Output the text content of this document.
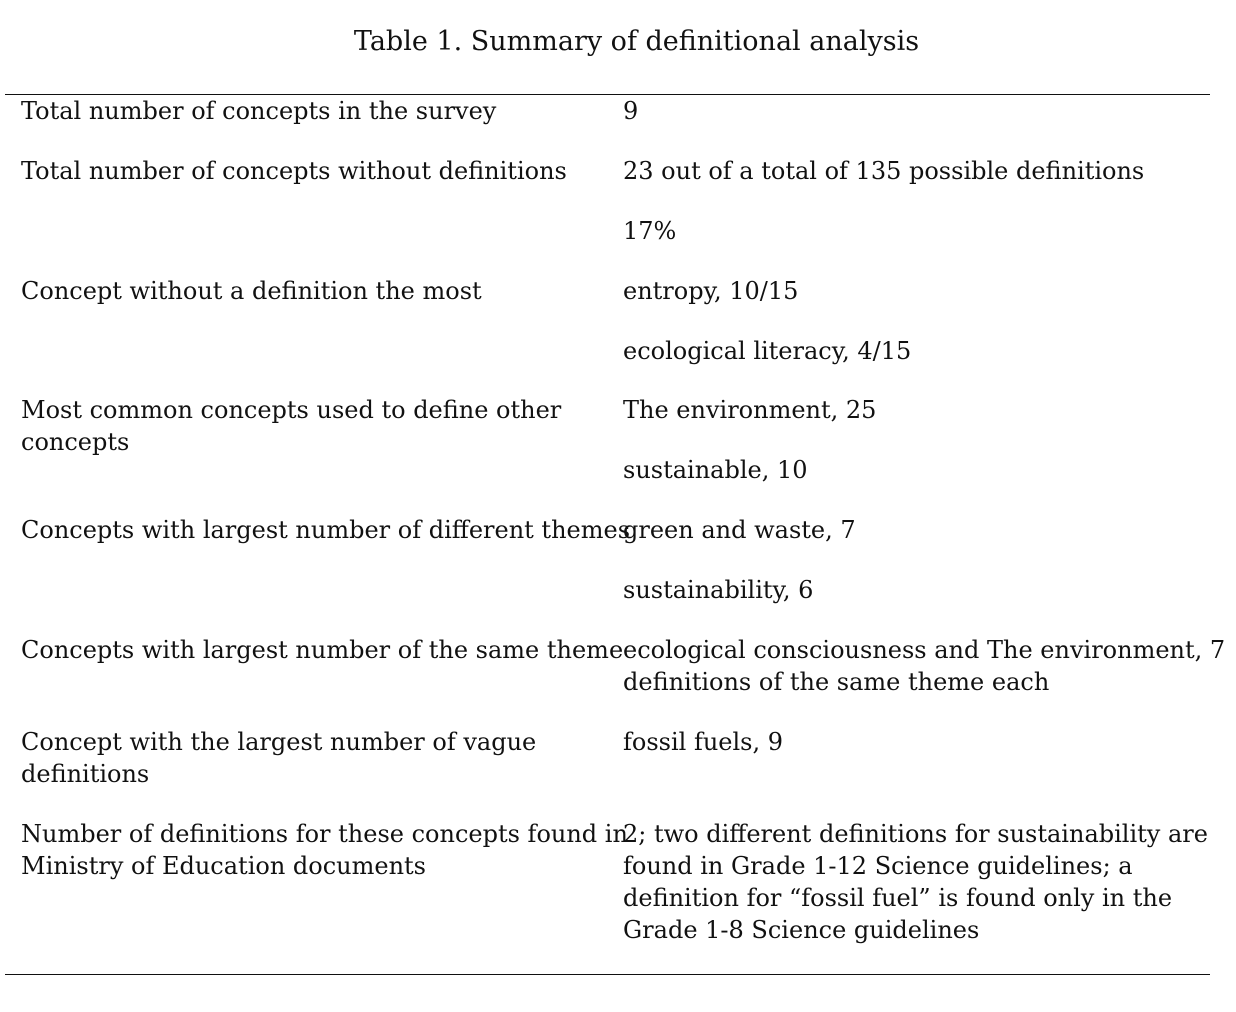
Table 1. Summary of definitional analysis
Total number of concepts in the survey	9
Total number of concepts without definitions 23 out of a total of 135 possible definitions
17%
Concept without a definition the most	entropy, 10/15
ecological literacy, 4/15
Most common concepts used to define other
concepts
The environment, 25
sustainable, 10
Concepts with largest number of different themes
green and waste, 7
sustainability, 6
Concepts with largest number of the same theme ecological consciousness and The environment, 7
definitions of the same theme each
Concept with the largest number of vague
definitions
fossil fuels, 9
Number of definitions for these concepts found in
Ministry of Education documents
2; two different definitions for sustainability are
found in Grade 1-12 Science guidelines; a
definition for “fossil fuel” is found only in the
Grade 1-8 Science guidelines
